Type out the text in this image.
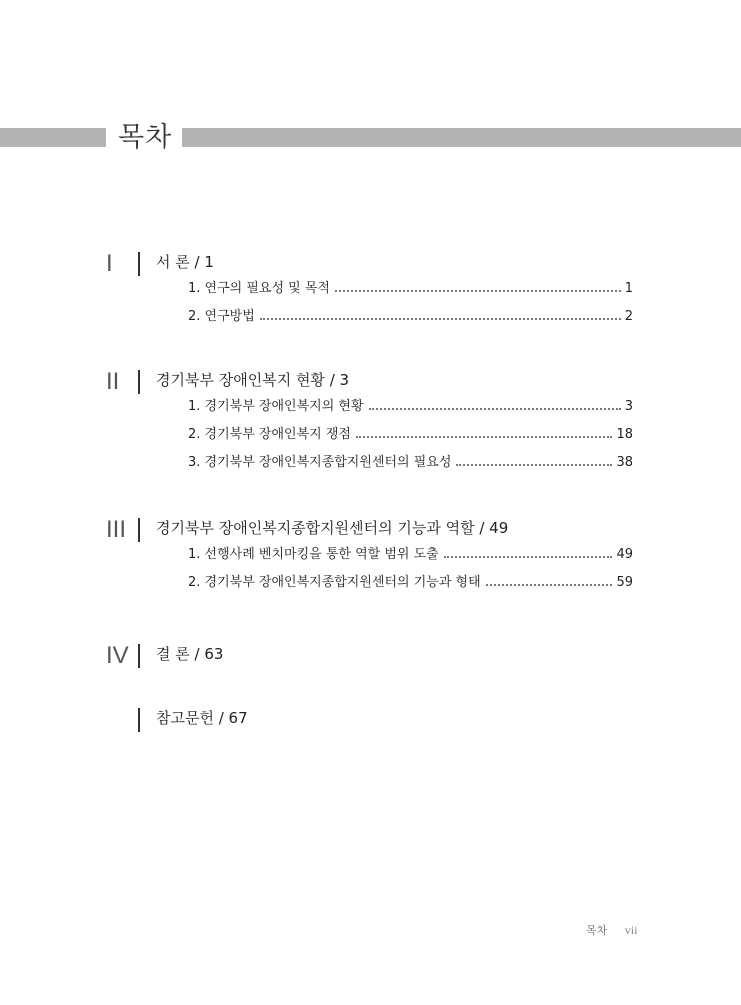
목차
I	서 론 / 1
1. 연구의 필요성 및 목적	1
2. 연구방법	2
II 경기북부 장애인복지 현황 / 3
1. 경기북부 장애인복지의 현황	3
2. 경기북부 장애인복지 쟁점	18
3. 경기북부 장애인복지종합지원센터의 필요성	38
III 경기북부 장애인복지종합지원센터의 기능과 역할 / 49
1. 선행사례 벤치마킹을 통한 역할 범위 도출	49
2. 경기북부 장애인복지종합지원센터의 기능과 형태	59
IV 결 론 / 63
참고문헌 / 67
목차 vii
